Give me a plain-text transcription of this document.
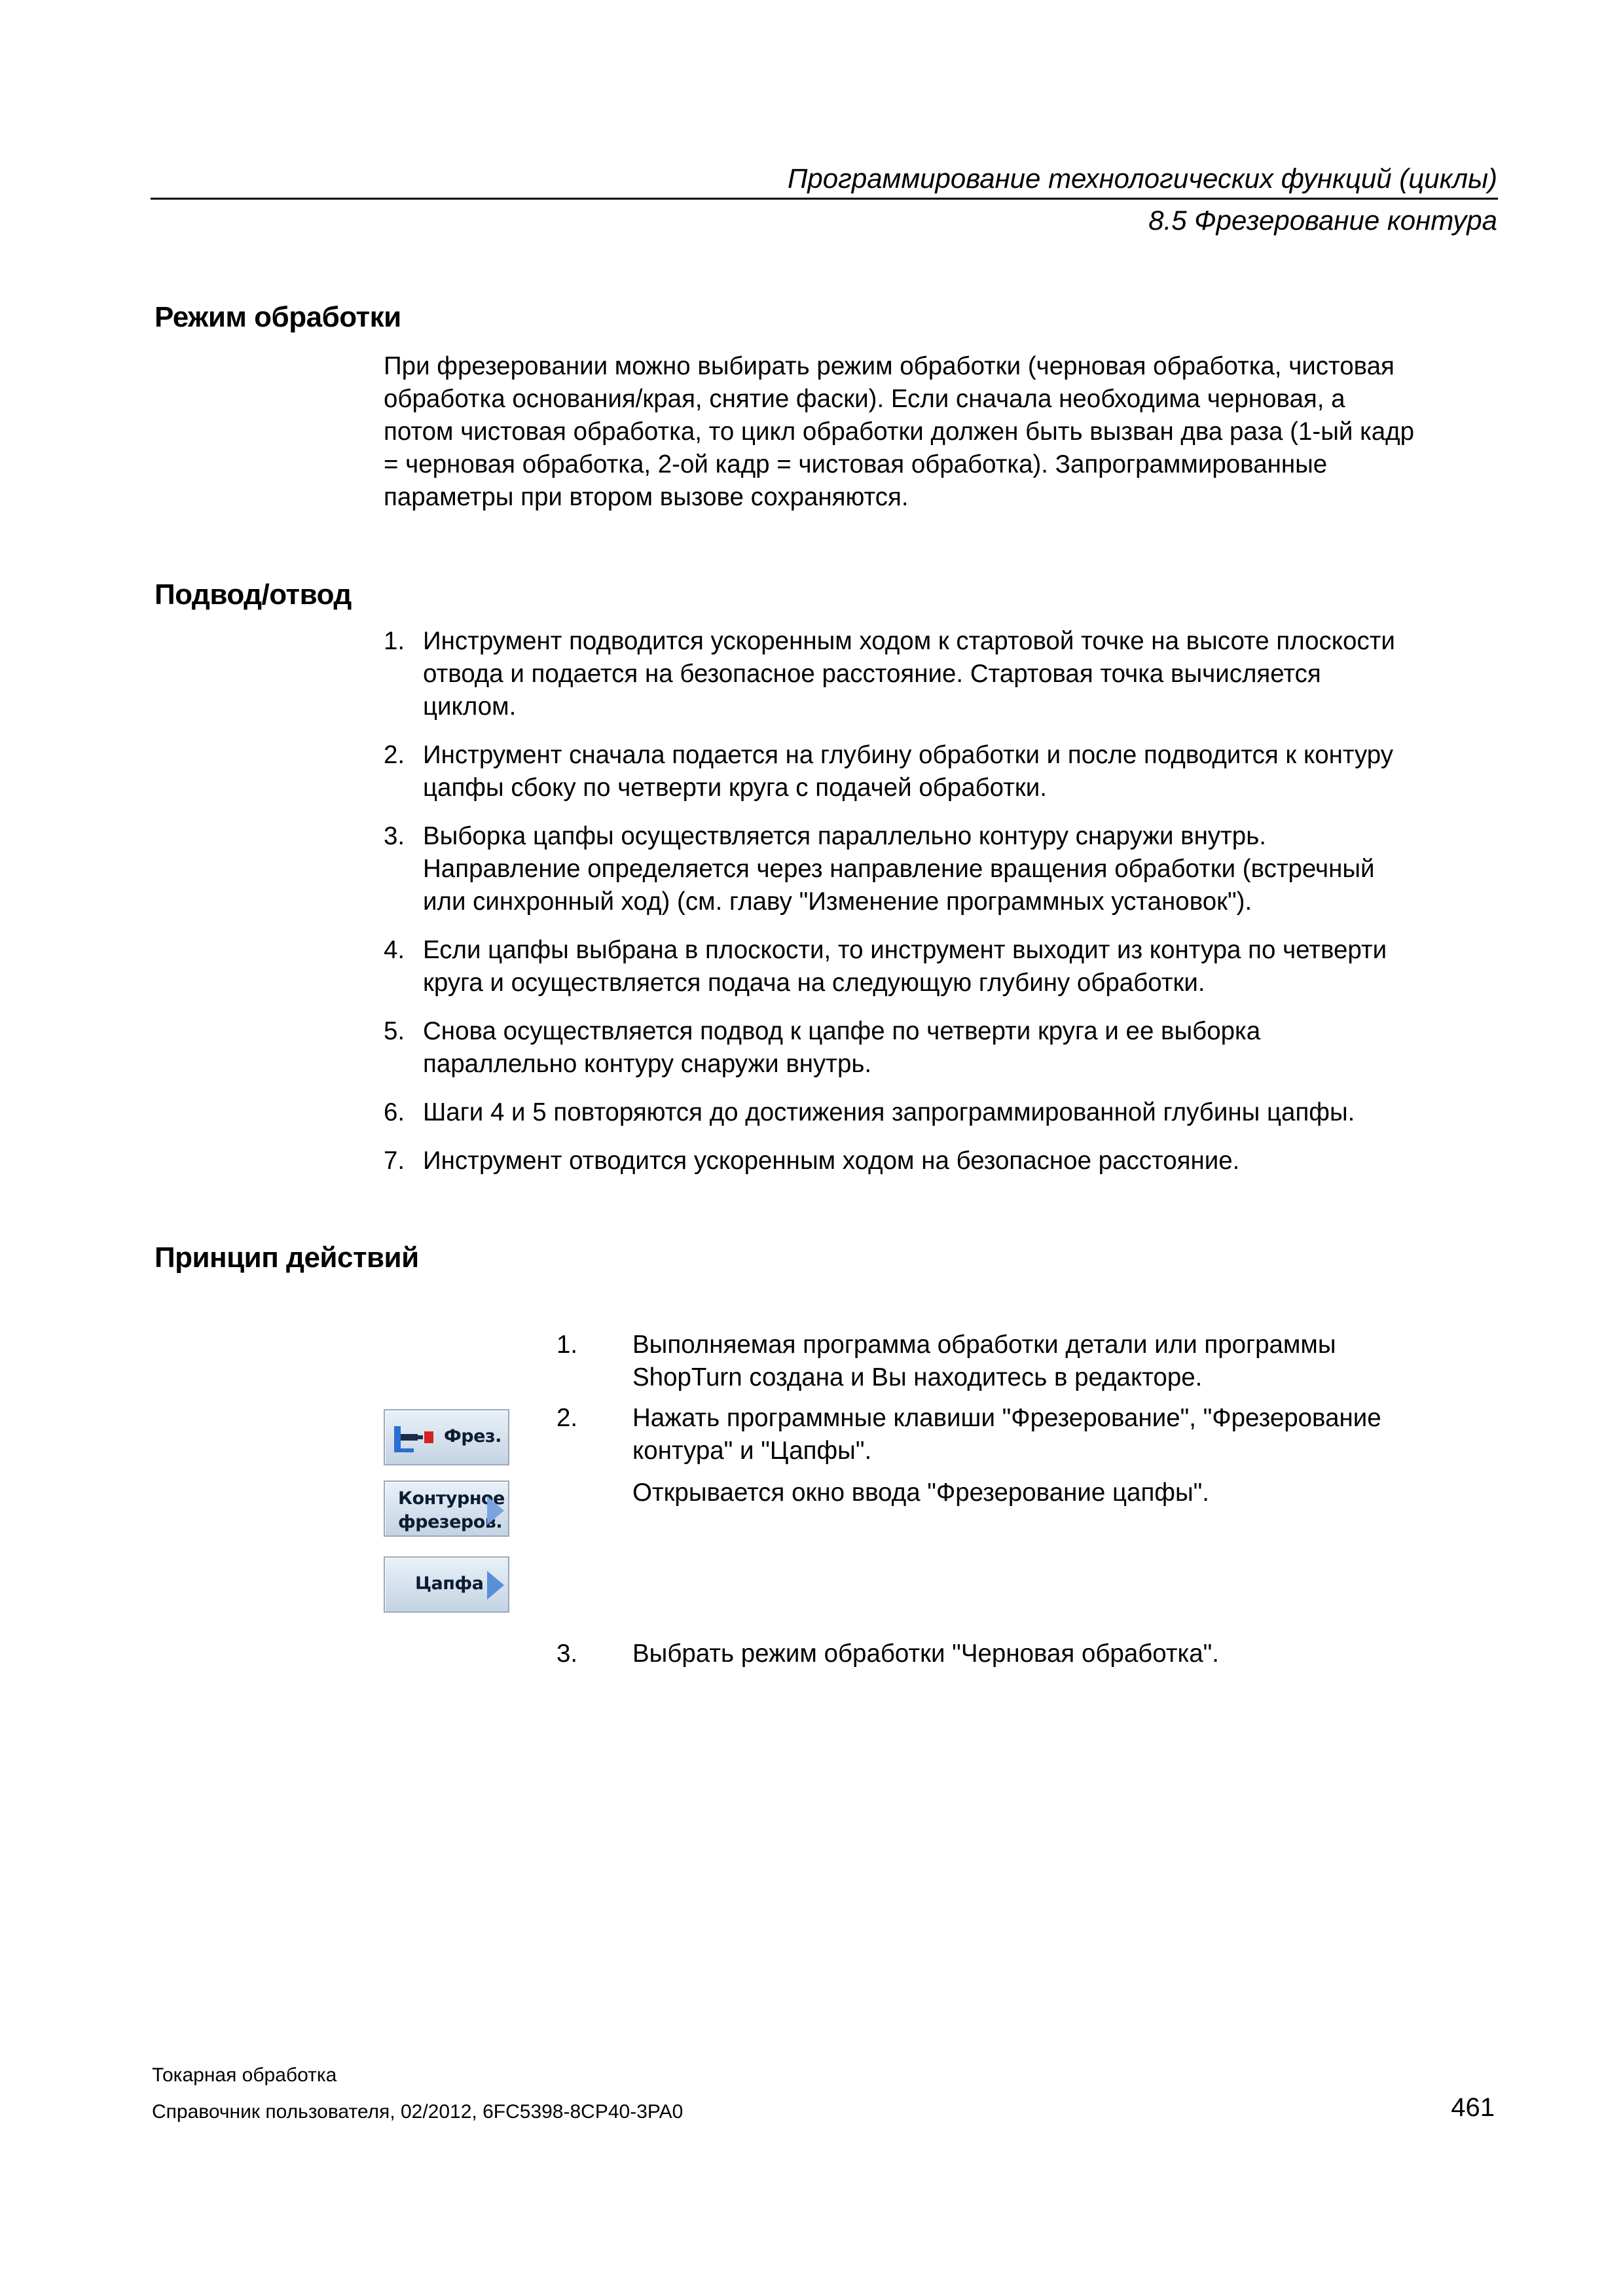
Программирование технологических функций (циклы)
8.5 Фрезерование контура
Режим обработки
При фрезеровании можно выбирать режим обработки (черновая обработка, чистовая
обработка основания/края, снятие фаски). Если сначала необходима черновая, а
потом чистовая обработка, то цикл обработки должен быть вызван два раза (1-ый кадр
= черновая обработка, 2-ой кадр = чистовая обработка). Запрограммированные
параметры при втором вызове сохраняются.
Подвод/отвод
1. Инструмент подводится ускоренным ходом к стартовой точке на высоте плоскости
отвода и подается на безопасное расстояние. Стартовая точка вычисляется
циклом.
2. Инструмент сначала подается на глубину обработки и после подводится к контуру
цапфы сбоку по четверти круга с подачей обработки.
3. Выборка цапфы осуществляется параллельно контуру снаружи внутрь.
Направление определяется через направление вращения обработки (встречный
или синхронный ход) (см. главу "Изменение программных установок").
4. Если цапфы выбрана в плоскости, то инструмент выходит из контура по четверти
круга и осуществляется подача на следующую глубину обработки.
5. Снова осуществляется подвод к цапфе по четверти круга и ее выборка
параллельно контуру снаружи внутрь.
6. Шаги 4 и 5 повторяются до достижения запрограммированной глубины цапфы.
7. Инструмент отводится ускоренным ходом на безопасное расстояние.
Принцип действий
1. Выполняемая программа обработки детали или программы
ShopTurn создана и Вы находитесь в редакторе.
2. Нажать программные клавиши "Фрезерование", "Фрезерование
контура" и "Цапфы".
Открывается окно ввода "Фрезерование цапфы".
Фрез.
Контурное
фрезеров.
Цапфа
3. Выбрать режим обработки "Черновая обработка".
Токарная обработка
Справочник пользователя, 02/2012, 6FC5398-8CP40-3PA0	461
